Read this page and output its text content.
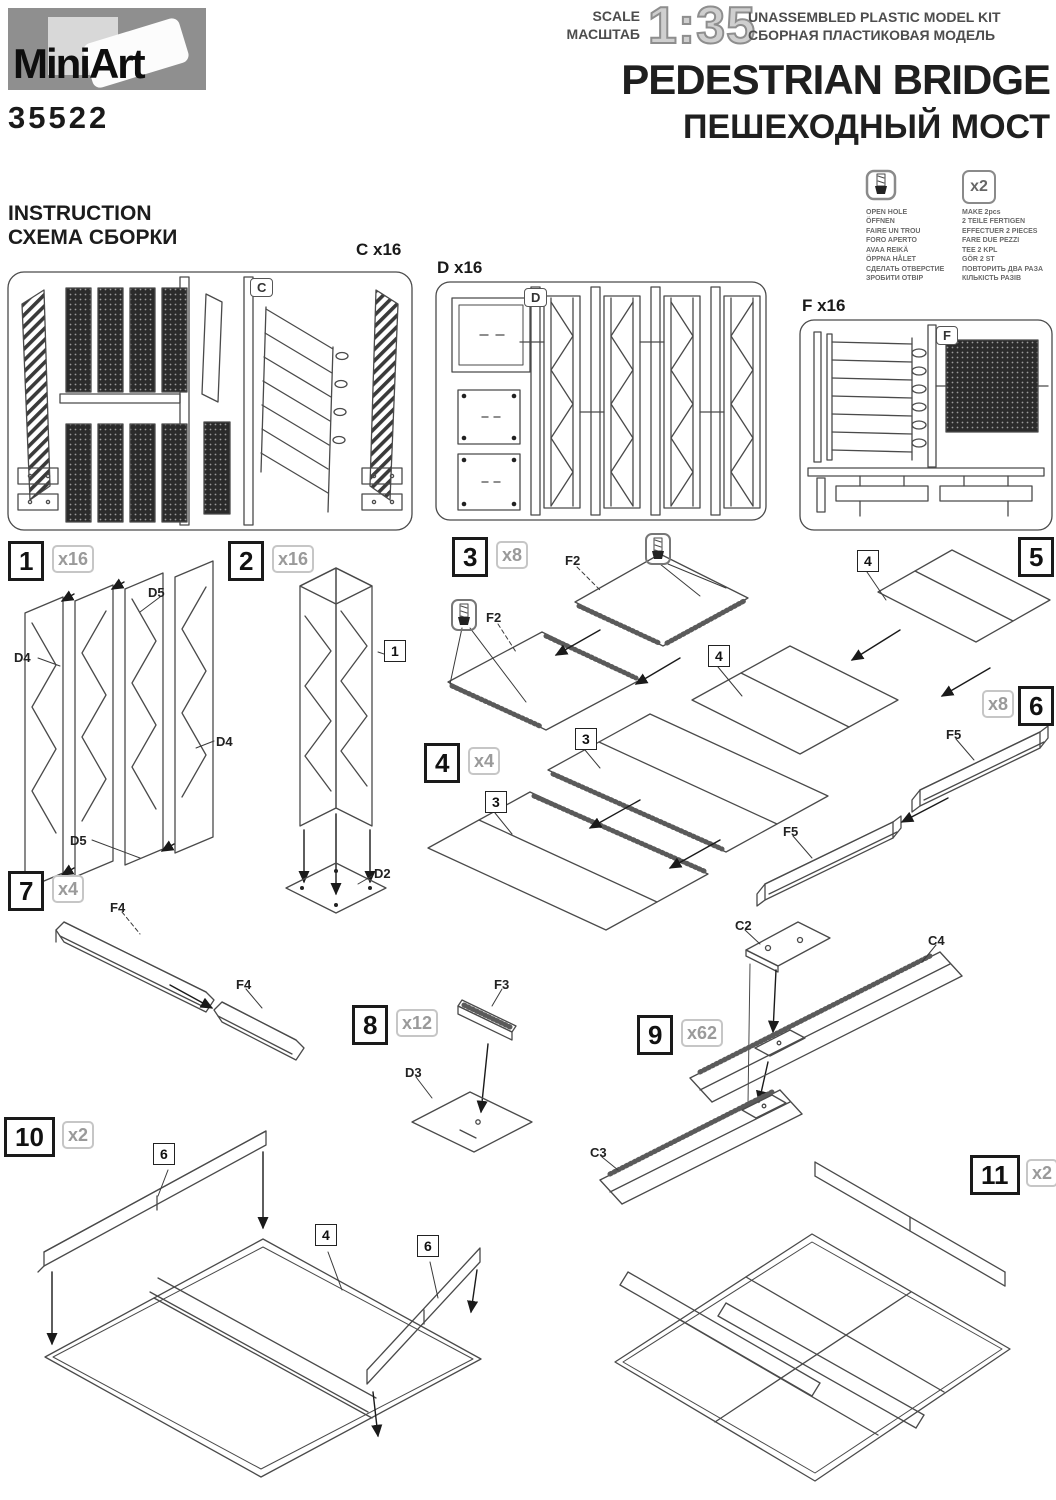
MiniArt
35522
SCALE
МАСШТАБ 1:35
UNASSEMBLED PLASTIC MODEL KIT
СБОРНАЯ ПЛАСТИКОВАЯ МОДЕЛЬ
PEDESTRIAN BRIDGE
ПЕШЕХОДНЫЙ МОСТ
INSTRUCTION
СХЕМА СБОРКИ
x2
OPEN HOLE
ÖFFNEN
FAIRE UN TROU
FORO APERTO
AVAA REIKÄ
ÖPPNA HÅLET
СДЕЛАТЬ ОТВЕРСТИЕ
ЗРОБИТИ ОТВІР
MAKE 2pcs
2 TEILE FERTIGEN
EFFECTUER 2 PIECES
FARE DUE PEZZI
TEE 2 KPL
GÖR 2 ST
ПОВТОРИТЬ ДВА РАЗА
КІЛЬКІСТЬ РАЗІВ
C x16
D x16
F x16
C
D
F
1	x16	2	x16	3	x8
4	x4
5
x8 6
7	x4
8	x12	9	x62
10	x2
11	x2
D4
D5
D4
D5
1
D2
F2
F2
3
3
4
4
F5
F5
F4
F4	F3
D3
C2
C4
C3
6
4
6
